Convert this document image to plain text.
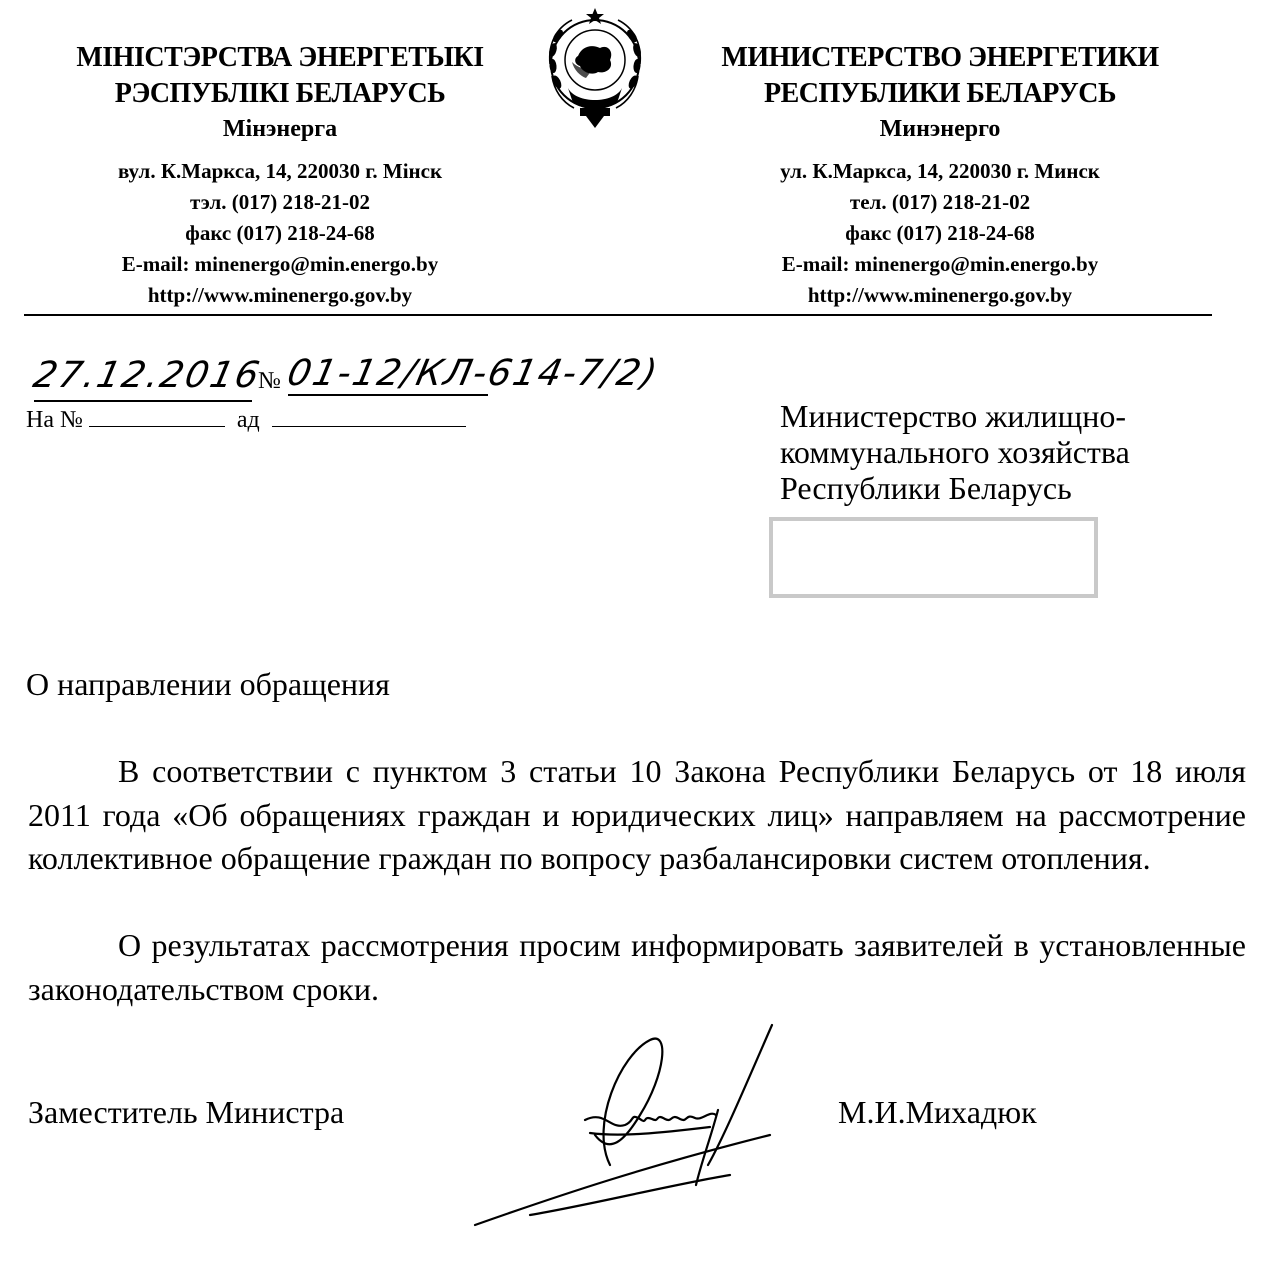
МІНІСТЭРСТВА ЭНЕРГЕТЫКІ
РЭСПУБЛІКІ БЕЛАРУСЬ
Мінэнерга
вул. К.Маркса, 14, 220030 г. Мінск
тэл. (017) 218-21-02
факс (017) 218-24-68
E-mail: minenergo@min.energo.by
http://www.minenergo.gov.by
МИНИСТЕРСТВО ЭНЕРГЕТИКИ
РЕСПУБЛИКИ БЕЛАРУСЬ
Минэнерго
ул. К.Маркса, 14, 220030 г. Минск
тел. (017) 218-21-02
факс (017) 218-24-68
E-mail: minenergo@min.energo.by
http://www.minenergo.gov.by
27.12.2016
№ 01-12/КЛ-614-7/2)
На №	ад	Министерство жилищно-
коммунального хозяйства
Республики Беларусь
О направлении обращения

В соответствии с пунктом 3 статьи 10 Закона Республики Беларусь от 18 июля 2011 года «Об обращениях граждан и юридических лиц» направляем на рассмотрение коллективное обращение граждан по вопросу разбалансировки систем отопления.

О результатах рассмотрения просим информировать заявителей в установленные законодательством сроки.

Заместитель Министра	М.И.Михадюк
